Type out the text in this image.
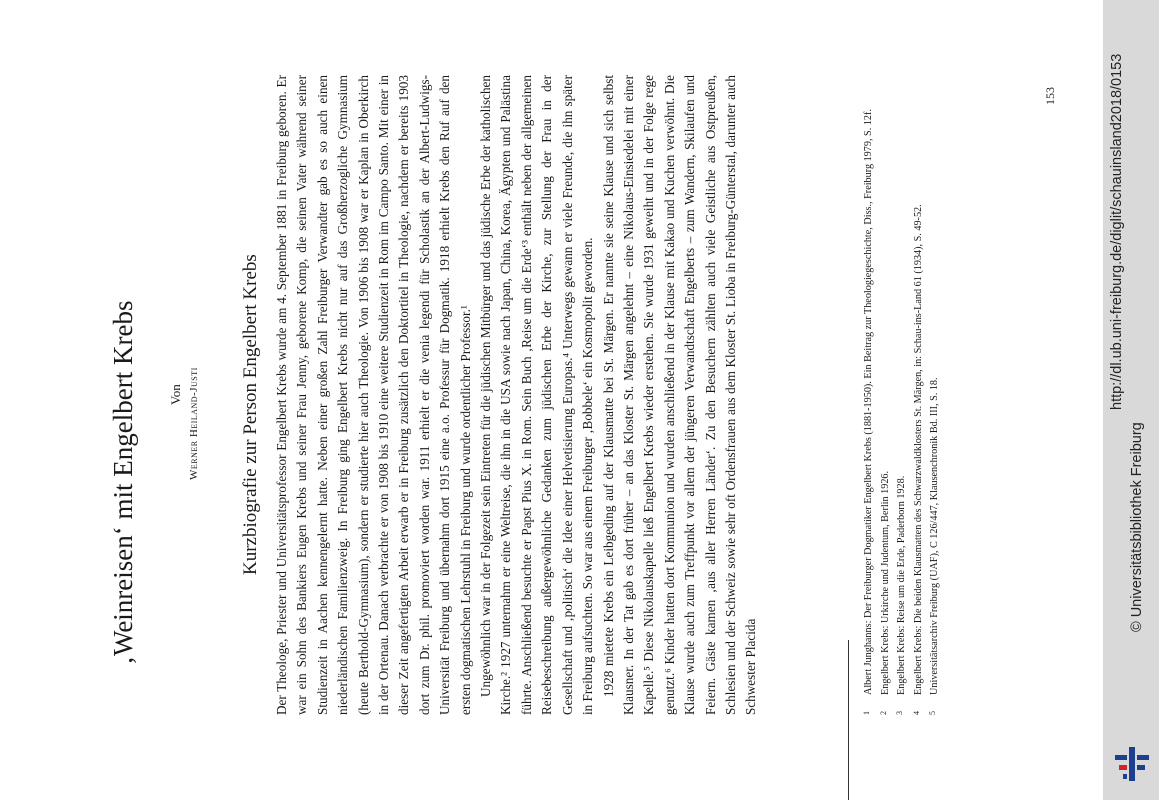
‚Weinreisen‘ mit Engelbert Krebs Von Werner Heiland-Justi Kurzbiografie zur Person Engelbert Krebs Der Theologe, Priester und Universitätsprofessor Engelbert Krebs wurde am 4. September 1881 in Freiburg geboren. Er war ein Sohn des Bankiers Eugen Krebs und seiner Frau Jenny, geborene Komp, die seinen Vater während seiner Studienzeit in Aachen kennengelernt hatte. Neben einer großen Zahl Freiburger Verwandter gab es so auch einen niederländischen Familienzweig. In Freiburg ging Engelbert Krebs nicht nur auf das Großherzogliche Gymnasium (heute Berthold-Gymnasium), sondern er studierte hier auch Theologie. Von 1906 bis 1908 war er Kaplan in Oberkirch in der Ortenau. Danach verbrachte er von 1908 bis 1910 eine weitere Studienzeit in Rom im Campo Santo. Mit einer in dieser Zeit angefertigten Arbeit erwarb er in Freiburg zusätzlich den Doktortitel in Theologie, nachdem er bereits 1903 dort zum Dr. phil. promoviert worden war. 1911 erhielt er die venia legendi für Scholastik an der Albert-Ludwigs-Universität Freiburg und übernahm dort 1915 eine a.o. Professur für Dogmatik. 1918 erhielt Krebs den Ruf auf den ersten dogmatischen Lehrstuhl in Freiburg und wurde ordentlicher Professor.¹ Ungewöhnlich war in der Folgezeit sein Eintreten für die jüdischen Mitbürger und das jüdische Erbe der katholischen Kirche.² 1927 unternahm er eine Weltreise, die ihn in die USA sowie nach Japan, China, Korea, Ägypten und Palästina führte. Anschließend besuchte er Papst Pius X. in Rom. Sein Buch ‚Reise um die Erde‘³ enthält neben der allgemeinen Reisebeschreibung außergewöhnliche Gedanken zum jüdischen Erbe der Kirche, zur Stellung der Frau in der Gesellschaft und ‚politisch‘ die Idee einer Helvetisierung Europas.⁴ Unterwegs gewann er viele Freunde, die ihn später in Freiburg aufsuchten. So war aus einem Freiburger ‚Bobbele‘ ein Kosmopolit geworden. 1928 mietete Krebs ein Leibgeding auf der Klausmatte bei St. Märgen. Er nannte sie seine Klause und sich selbst Klausner. In der Tat gab es dort früher – an das Kloster St. Märgen angelehnt – eine Nikolaus-Einsiedelei mit einer Kapelle.⁵ Diese Nikolauskapelle ließ Engelbert Krebs wieder erstehen. Sie wurde 1931 geweiht und in der Folge rege genutzt.⁶ Kinder hatten dort Kommunion und wurden anschließend in der Klause mit Kakao und Kuchen verwöhnt. Die Klause wurde auch zum Treffpunkt vor allem der jüngeren Verwandtschaft Engelberts – zum Wandern, Skilaufen und Feiern. Gäste kamen ‚aus aller Herren Länder‘. Zu den Besuchern zählten auch viele Geistliche aus Ostpreußen, Schlesien und der Schweiz sowie sehr oft Ordensfrauen aus dem Kloster St. Lioba in Freiburg-Günterstal, darunter auch Schwester Placida	1
Albert Junghanns: Der Freiburger Dogmatiker Engelbert Krebs (1881-1950). Ein Beitrag zur Theologiegeschichte, Diss., Freiburg 1979, S. 12f.
2
Engelbert Krebs: Urkirche und Judentum, Berlin 1926.
3
Engelbert Krebs: Reise um die Erde, Paderborn 1928.
4
Engelbert Krebs: Die beiden Klausmatten des Schwarzwaldklosters St. Märgen, in: Schau-ins-Land 61 (1934), S. 49-52.
5
Universitätsarchiv Freiburg (UAF), C 126/447, Klausenchronik Bd. III, S. 18.
153	http://dl.ub.uni-freiburg.de/diglit/schauinsland2018/0153
© Universitätsbibliothek Freiburg
